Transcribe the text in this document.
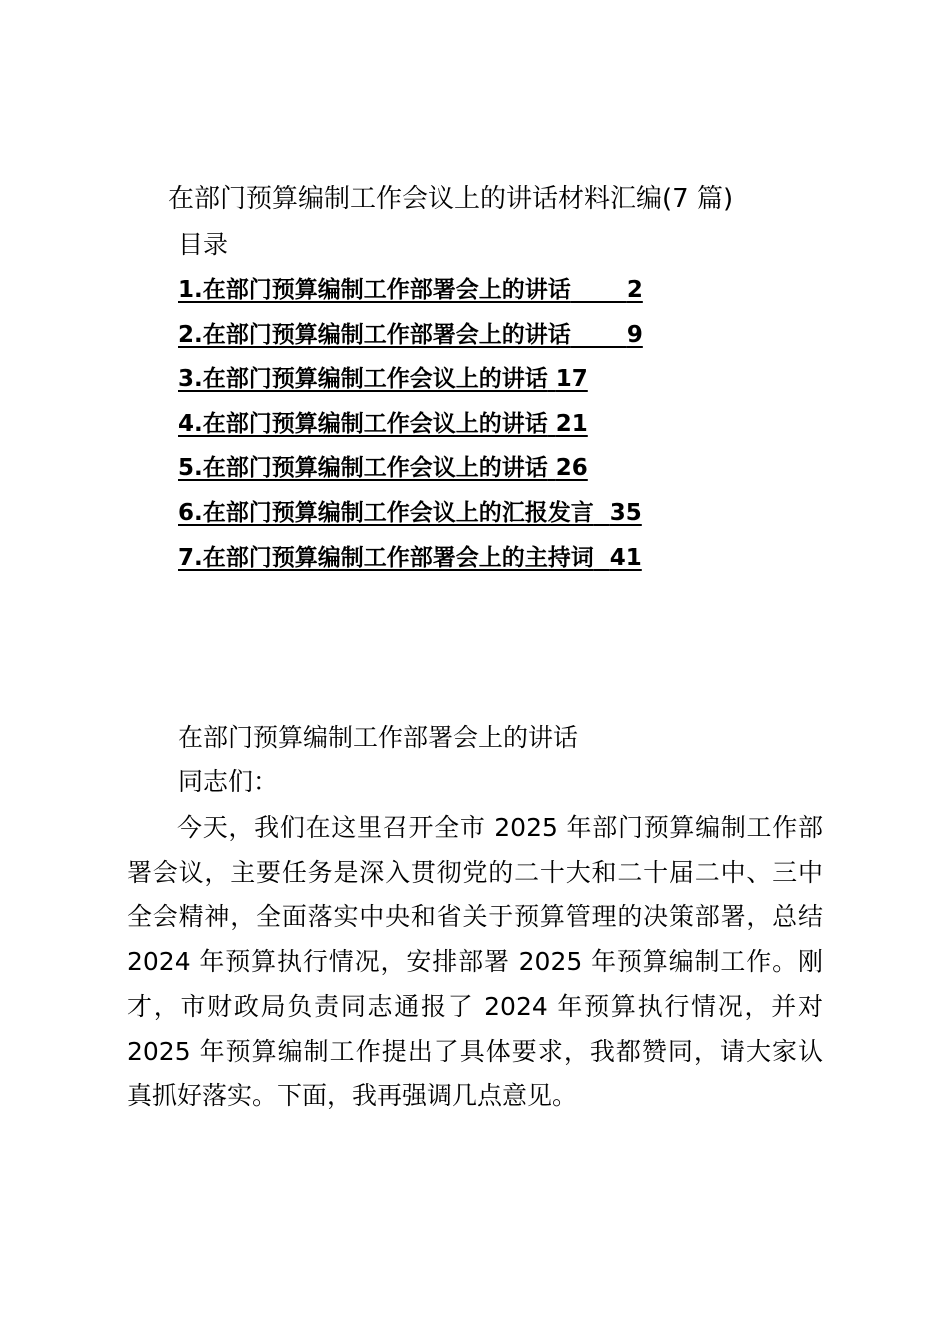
在部门预算编制工作会议上的讲话材料汇编(7 篇)
目录
1.在部门预算编制工作部署会上的讲话 2
2.在部门预算编制工作部署会上的讲话 9
3.在部门预算编制工作会议上的讲话 17
4.在部门预算编制工作会议上的讲话 21
5.在部门预算编制工作会议上的讲话 26
6.在部门预算编制工作会议上的汇报发言 35
7.在部门预算编制工作部署会上的主持词 41
在部门预算编制工作部署会上的讲话
同志们：

今天，我们在这里召开全市 2025 年部门预算编制工作部署会议，主要任务是深入贯彻党的二十大和二十届二中、三中全会精神，全面落实中央和省关于预算管理的决策部署，总结 2024 年预算执行情况，安排部署 2025 年预算编制工作。刚才，市财政局负责同志通报了 2024 年预算执行情况，并对 2025 年预算编制工作提出了具体要求，我都赞同，请大家认真抓好落实。下面，我再强调几点意见。
